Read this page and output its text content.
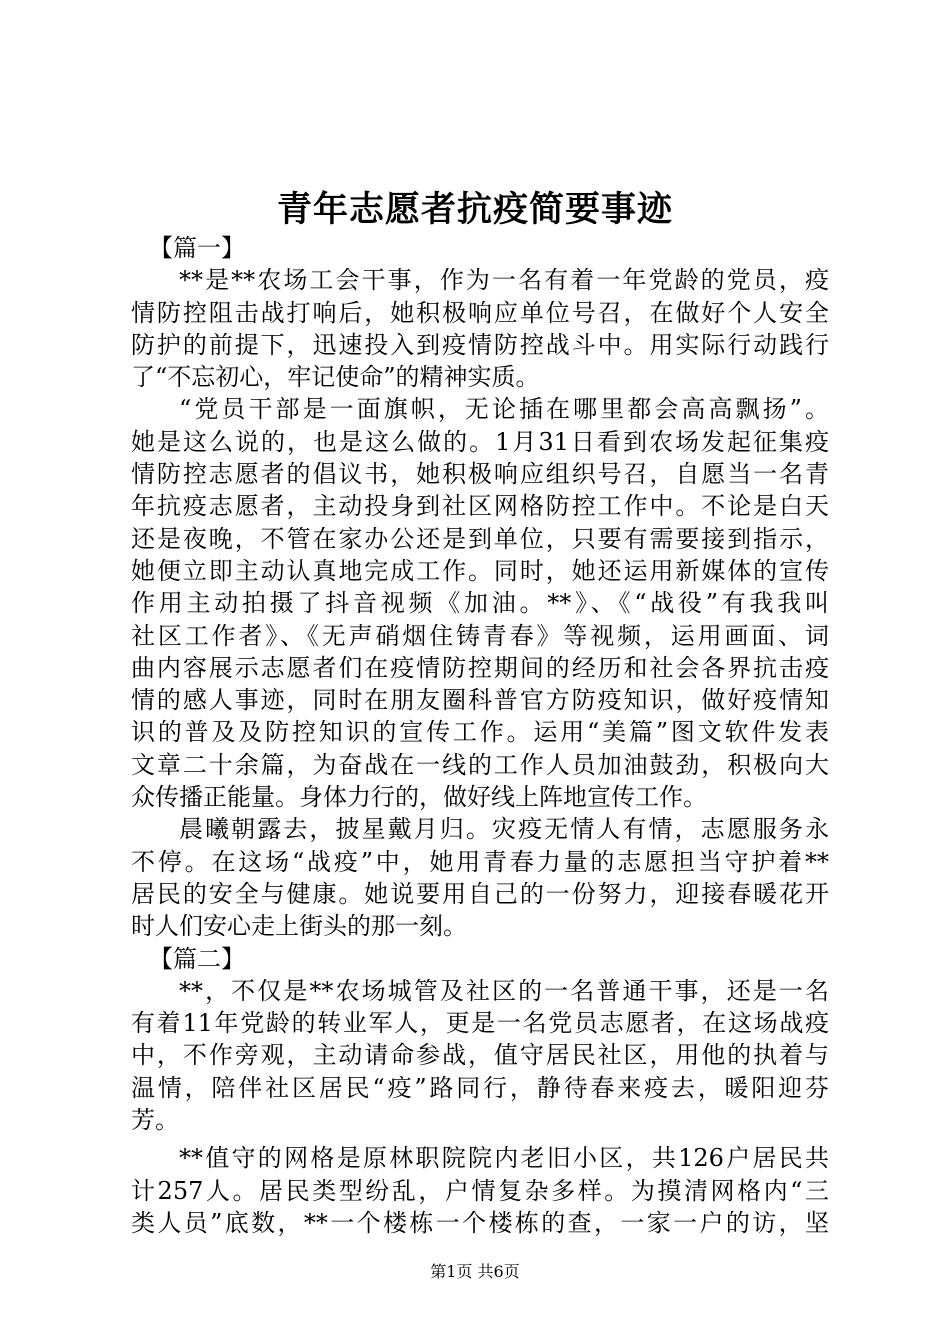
青年志愿者抗疫简要事迹
【篇一】
**是**农场工会干事，作为一名有着一年党龄的党员，疫
情防控阻击战打响后，她积极响应单位号召，在做好个人安全
防护的前提下，迅速投入到疫情防控战斗中。用实际行动践行
了“不忘初心，牢记使命”的精神实质。
“党员干部是一面旗帜，无论插在哪里都会高高飘扬”。
她是这么说的，也是这么做的。1月31日看到农场发起征集疫
情防控志愿者的倡议书，她积极响应组织号召，自愿当一名青
年抗疫志愿者，主动投身到社区网格防控工作中。不论是白天
还是夜晚，不管在家办公还是到单位，只要有需要接到指示，
她便立即主动认真地完成工作。同时，她还运用新媒体的宣传
作用主动拍摄了抖音视频《加油。**》、《“战役”有我我叫
社区工作者》、《无声硝烟住铸青春》等视频，运用画面、词
曲内容展示志愿者们在疫情防控期间的经历和社会各界抗击疫
情的感人事迹，同时在朋友圈科普官方防疫知识，做好疫情知
识的普及及防控知识的宣传工作。运用“美篇”图文软件发表
文章二十余篇，为奋战在一线的工作人员加油鼓劲，积极向大
众传播正能量。身体力行的，做好线上阵地宣传工作。
晨曦朝露去，披星戴月归。灾疫无情人有情，志愿服务永
不停。在这场“战疫”中，她用青春力量的志愿担当守护着**
居民的安全与健康。她说要用自己的一份努力，迎接春暖花开
时人们安心走上街头的那一刻。
【篇二】
**，不仅是**农场城管及社区的一名普通干事，还是一名
有着11年党龄的转业军人，更是一名党员志愿者，在这场战疫
中，不作旁观，主动请命参战，值守居民社区，用他的执着与
温情，陪伴社区居民“疫”路同行，静待春来疫去，暖阳迎芬
芳。
**值守的网格是原林职院院内老旧小区，共126户居民共
计257人。居民类型纷乱，户情复杂多样。为摸清网格内“三
类人员”底数，**一个楼栋一个楼栋的查，一家一户的访，坚
第1页 共6页
